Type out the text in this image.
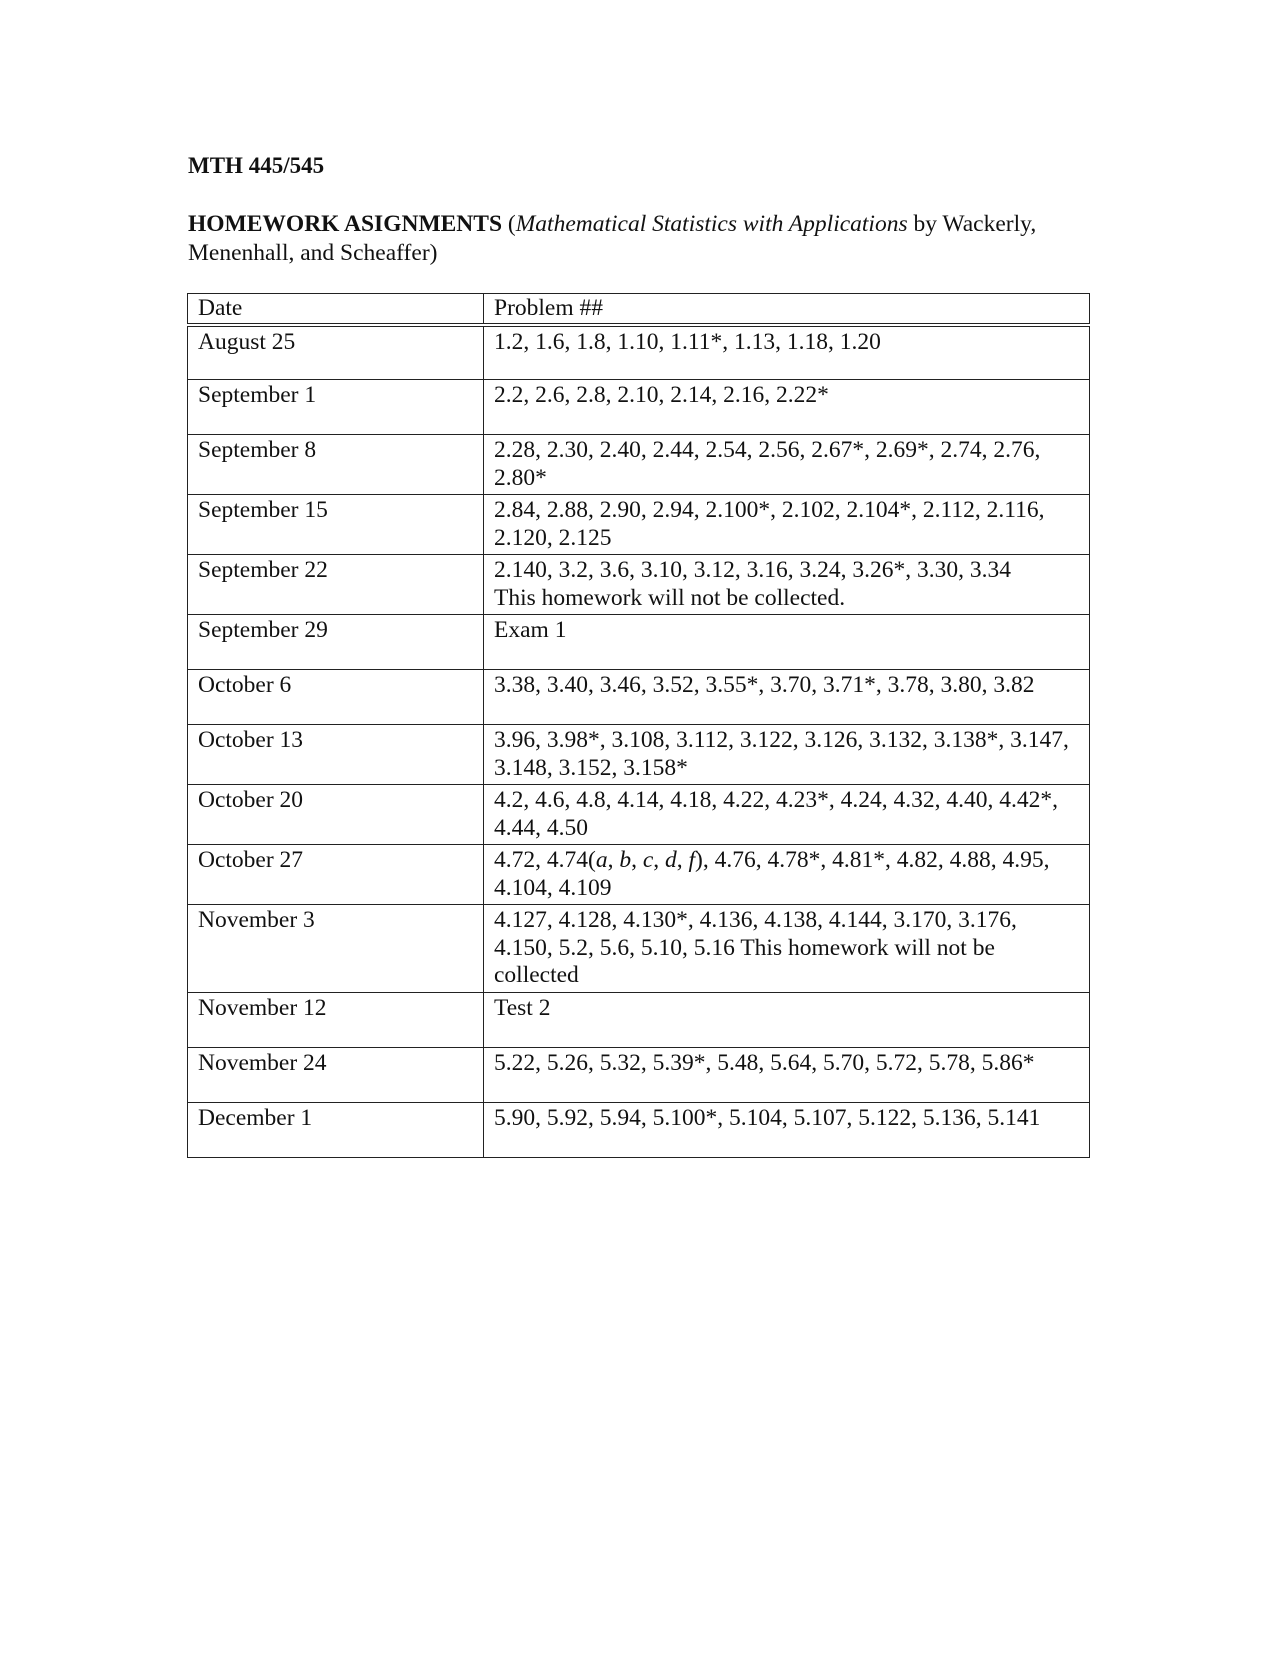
MTH 445/545

HOMEWORK ASIGNMENTS (Mathematical Statistics with Applications by Wackerly, Menenhall, and Scheaffer)

Date	Problem ##
August 25	1.2, 1.6, 1.8, 1.10, 1.11*, 1.13, 1.18, 1.20
September 1	2.2, 2.6, 2.8, 2.10, 2.14, 2.16, 2.22*
September 8	2.28, 2.30, 2.40, 2.44, 2.54, 2.56, 2.67*, 2.69*, 2.74, 2.76, 2.80*
September 15	2.84, 2.88, 2.90, 2.94, 2.100*, 2.102, 2.104*, 2.112, 2.116, 2.120, 2.125
September 22	2.140, 3.2, 3.6, 3.10, 3.12, 3.16, 3.24, 3.26*, 3.30, 3.34
This homework will not be collected.
September 29	Exam 1
October 6	3.38, 3.40, 3.46, 3.52, 3.55*, 3.70, 3.71*, 3.78, 3.80, 3.82
October 13	3.96, 3.98*, 3.108, 3.112, 3.122, 3.126, 3.132, 3.138*, 3.147, 3.148, 3.152, 3.158*
October 20	4.2, 4.6, 4.8, 4.14, 4.18, 4.22, 4.23*, 4.24, 4.32, 4.40, 4.42*, 4.44, 4.50
October 27	4.72, 4.74(a, b, c, d, f), 4.76, 4.78*, 4.81*, 4.82, 4.88, 4.95, 4.104, 4.109
November 3	4.127, 4.128, 4.130*, 4.136, 4.138, 4.144, 3.170, 3.176, 4.150, 5.2, 5.6, 5.10, 5.16 This homework will not be collected
November 12	Test 2
November 24	5.22, 5.26, 5.32, 5.39*, 5.48, 5.64, 5.70, 5.72, 5.78, 5.86*
December 1	5.90, 5.92, 5.94, 5.100*, 5.104, 5.107, 5.122, 5.136, 5.141
